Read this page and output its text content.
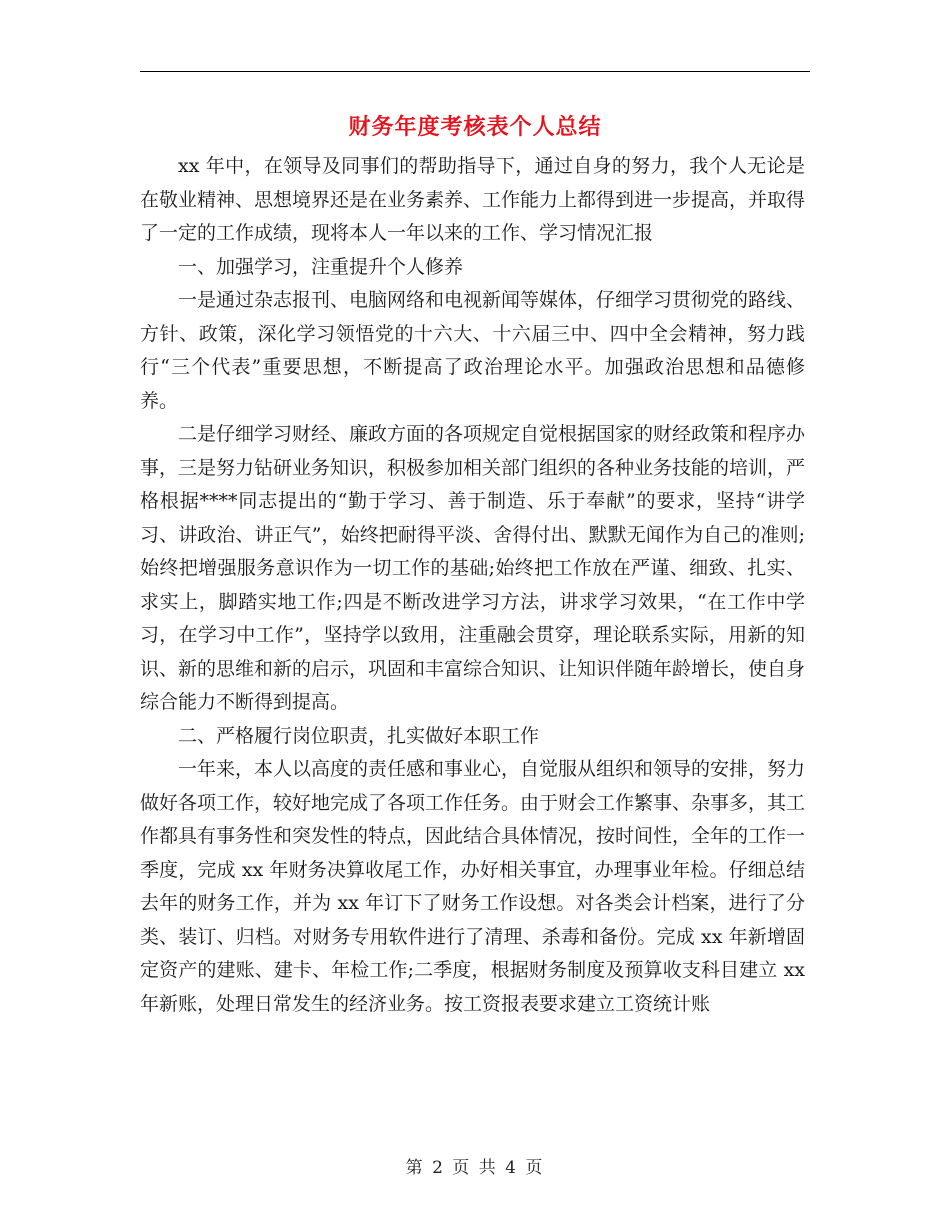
财务年度考核表个人总结

xx 年中，在领导及同事们的帮助指导下，通过自身的努力，我个人无论是在敬业精神、思想境界还是在业务素养、工作能力上都得到进一步提高，并取得了一定的工作成绩，现将本人一年以来的工作、学习情况汇报

一、加强学习，注重提升个人修养

一是通过杂志报刊、电脑网络和电视新闻等媒体，仔细学习贯彻党的路线、方针、政策，深化学习领悟党的十六大、十六届三中、四中全会精神，努力践行“三个代表”重要思想，不断提高了政治理论水平。加强政治思想和品德修养。

二是仔细学习财经、廉政方面的各项规定自觉根据国家的财经政策和程序办事，三是努力钻研业务知识，积极参加相关部门组织的各种业务技能的培训，严格根据****同志提出的“勤于学习、善于制造、乐于奉献”的要求，坚持“讲学习、讲政治、讲正气”，始终把耐得平淡、舍得付出、默默无闻作为自己的准则;始终把增强服务意识作为一切工作的基础;始终把工作放在严谨、细致、扎实、求实上，脚踏实地工作;四是不断改进学习方法，讲求学习效果，“在工作中学习，在学习中工作”，坚持学以致用，注重融会贯穿，理论联系实际，用新的知识、新的思维和新的启示，巩固和丰富综合知识、让知识伴随年龄增长，使自身综合能力不断得到提高。

二、严格履行岗位职责，扎实做好本职工作

一年来，本人以高度的责任感和事业心，自觉服从组织和领导的安排，努力做好各项工作，较好地完成了各项工作任务。由于财会工作繁事、杂事多，其工作都具有事务性和突发性的特点，因此结合具体情况，按时间性，全年的工作一季度，完成 xx 年财务决算收尾工作，办好相关事宜，办理事业年检。仔细总结去年的财务工作，并为 xx 年订下了财务工作设想。对各类会计档案，进行了分类、装订、归档。对财务专用软件进行了清理、杀毒和备份。完成 xx 年新增固定资产的建账、建卡、年检工作;二季度，根据财务制度及预算收支科目建立 xx 年新账，处理日常发生的经济业务。按工资报表要求建立工资统计账

第 2 页 共 4 页
